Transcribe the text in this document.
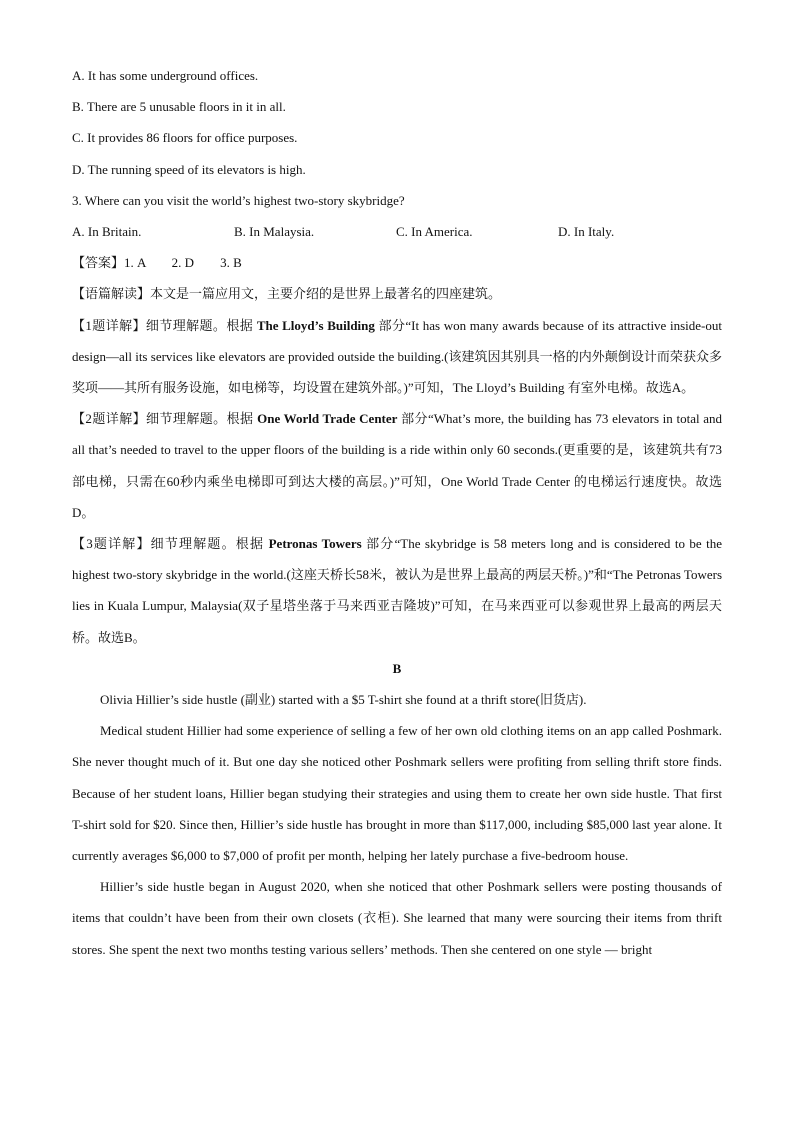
A. It has some underground offices.
B. There are 5 unusable floors in it in all.
C. It provides 86 floors for office purposes.
D. The running speed of its elevators is high.
3. Where can you visit the world’s highest two-story skybridge?
A. In Britain.	B. In Malaysia.	C. In America.	D. In Italy.
【答案】1. A        2. D        3. B
【语篇解读】本文是一篇应用文，主要介绍的是世界上最著名的四座建筑。
【1题详解】细节理解题。根据 The Lloyd’s Building 部分“It has won many awards because of its attractive inside-out design—all its services like elevators are provided outside the building.(该建筑因其别具一格的内外颠倒设计而荣获众多奖项——其所有服务设施，如电梯等，均设置在建筑外部。)”可知，The Lloyd’s Building 有室外电梯。故选A。
【2题详解】细节理解题。根据 One World Trade Center 部分“What’s more, the building has 73 elevators in total and all that’s needed to travel to the upper floors of the building is a ride within only 60 seconds.(更重要的是，该建筑共有73部电梯，只需在60秒内乘坐电梯即可到达大楼的高层。)”可知，One World Trade Center 的电梯运行速度快。故选D。
【3题详解】细节理解题。根据 Petronas Towers 部分“The skybridge is 58 meters long and is considered to be the highest two-story skybridge in the world.(这座天桥长58米，被认为是世界上最高的两层天桥。)”和“The Petronas Towers lies in Kuala Lumpur, Malaysia(双子星塔坐落于马来西亚吉隆坡)”可知，在马来西亚可以参观世界上最高的两层天桥。故选B。
B
Olivia Hillier’s side hustle (副业) started with a $5 T-shirt she found at a thrift store(旧货店).
Medical student Hillier had some experience of selling a few of her own old clothing items on an app called Poshmark. She never thought much of it. But one day she noticed other Poshmark sellers were profiting from selling thrift store finds. Because of her student loans, Hillier began studying their strategies and using them to create her own side hustle. That first T-shirt sold for $20. Since then, Hillier’s side hustle has brought in more than $117,000, including $85,000 last year alone. It currently averages $6,000 to $7,000 of profit per month, helping her lately purchase a five-bedroom house.
Hillier’s side hustle began in August 2020, when she noticed that other Poshmark sellers were posting thousands of items that couldn’t have been from their own closets (衣柜). She learned that many were sourcing their items from thrift stores. She spent the next two months testing various sellers’ methods. Then she centered on one style — bright
